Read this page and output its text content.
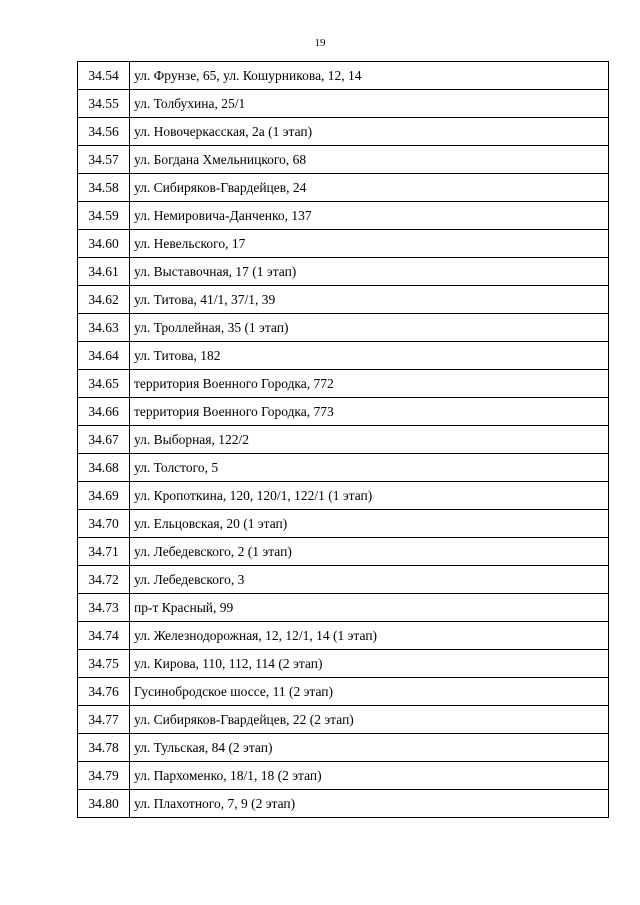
19
34.54	ул. Фрунзе, 65, ул. Кошурникова, 12, 14
34.55	ул. Толбухина, 25/1
34.56	ул. Новочеркасская, 2а (1 этап)
34.57	ул. Богдана Хмельницкого, 68
34.58	ул. Сибиряков-Гвардейцев, 24
34.59	ул. Немировича-Данченко, 137
34.60	ул. Невельского, 17
34.61	ул. Выставочная, 17 (1 этап)
34.62	ул. Титова, 41/1, 37/1, 39
34.63	ул. Троллейная, 35 (1 этап)
34.64	ул. Титова, 182
34.65	территория Военного Городка, 772
34.66	территория Военного Городка, 773
34.67	ул. Выборная, 122/2
34.68	ул. Толстого, 5
34.69	ул. Кропоткина, 120, 120/1, 122/1 (1 этап)
34.70	ул. Ельцовская, 20 (1 этап)
34.71	ул. Лебедевского, 2 (1 этап)
34.72	ул. Лебедевского, 3
34.73	пр-т Красный, 99
34.74	ул. Железнодорожная, 12, 12/1, 14 (1 этап)
34.75	ул. Кирова, 110, 112, 114 (2 этап)
34.76	Гусинобродское шоссе, 11 (2 этап)
34.77	ул. Сибиряков-Гвардейцев, 22 (2 этап)
34.78	ул. Тульская, 84 (2 этап)
34.79	ул. Пархоменко, 18/1, 18 (2 этап)
34.80	ул. Плахотного, 7, 9 (2 этап)
